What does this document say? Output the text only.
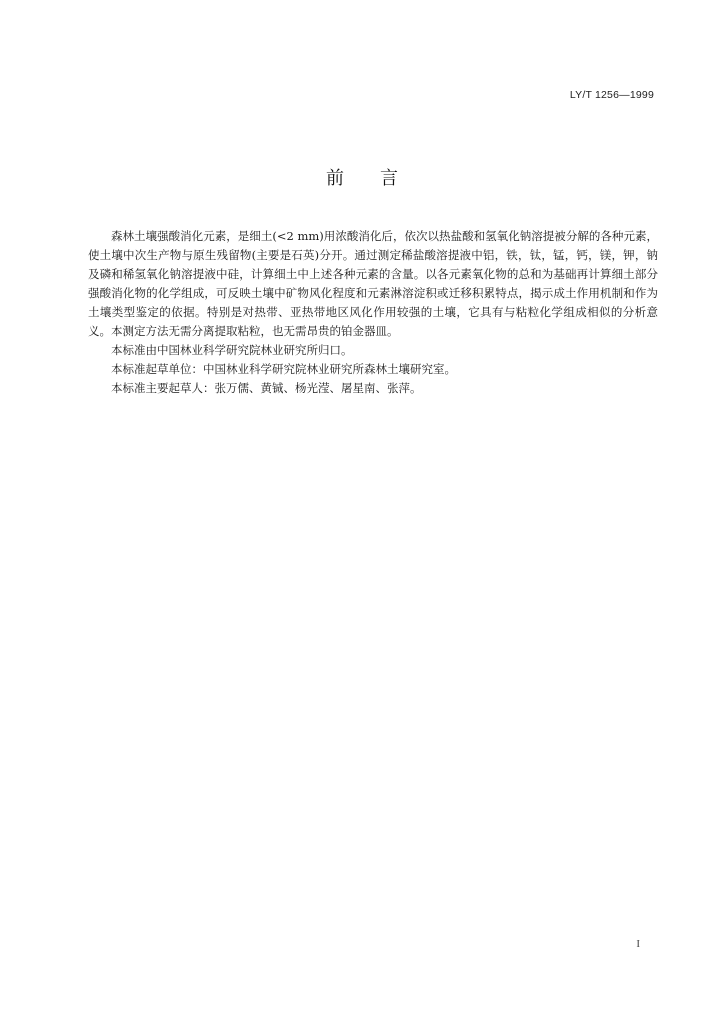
LY/T 1256—1999
前言

森林土壤强酸消化元素，是细土(<2 mm)用浓酸消化后，依次以热盐酸和氢氧化钠溶提被分解的各种元素，使土壤中次生产物与原生残留物(主要是石英)分开。通过测定稀盐酸溶提液中铝，铁，钛，锰，钙，镁，钾，钠及磷和稀氢氧化钠溶提液中硅，计算细土中上述各种元素的含量。以各元素氧化物的总和为基础再计算细土部分强酸消化物的化学组成，可反映土壤中矿物风化程度和元素淋溶淀积或迁移积累特点，揭示成土作用机制和作为土壤类型鉴定的依据。特别是对热带、亚热带地区风化作用较强的土壤，它具有与粘粒化学组成相似的分析意义。本测定方法无需分离提取粘粒，也无需昂贵的铂金器皿。

本标准由中国林业科学研究院林业研究所归口。

本标准起草单位：中国林业科学研究院林业研究所森林土壤研究室。

本标准主要起草人：张万儒、黄铖、杨光滢、屠星南、张萍。

I
